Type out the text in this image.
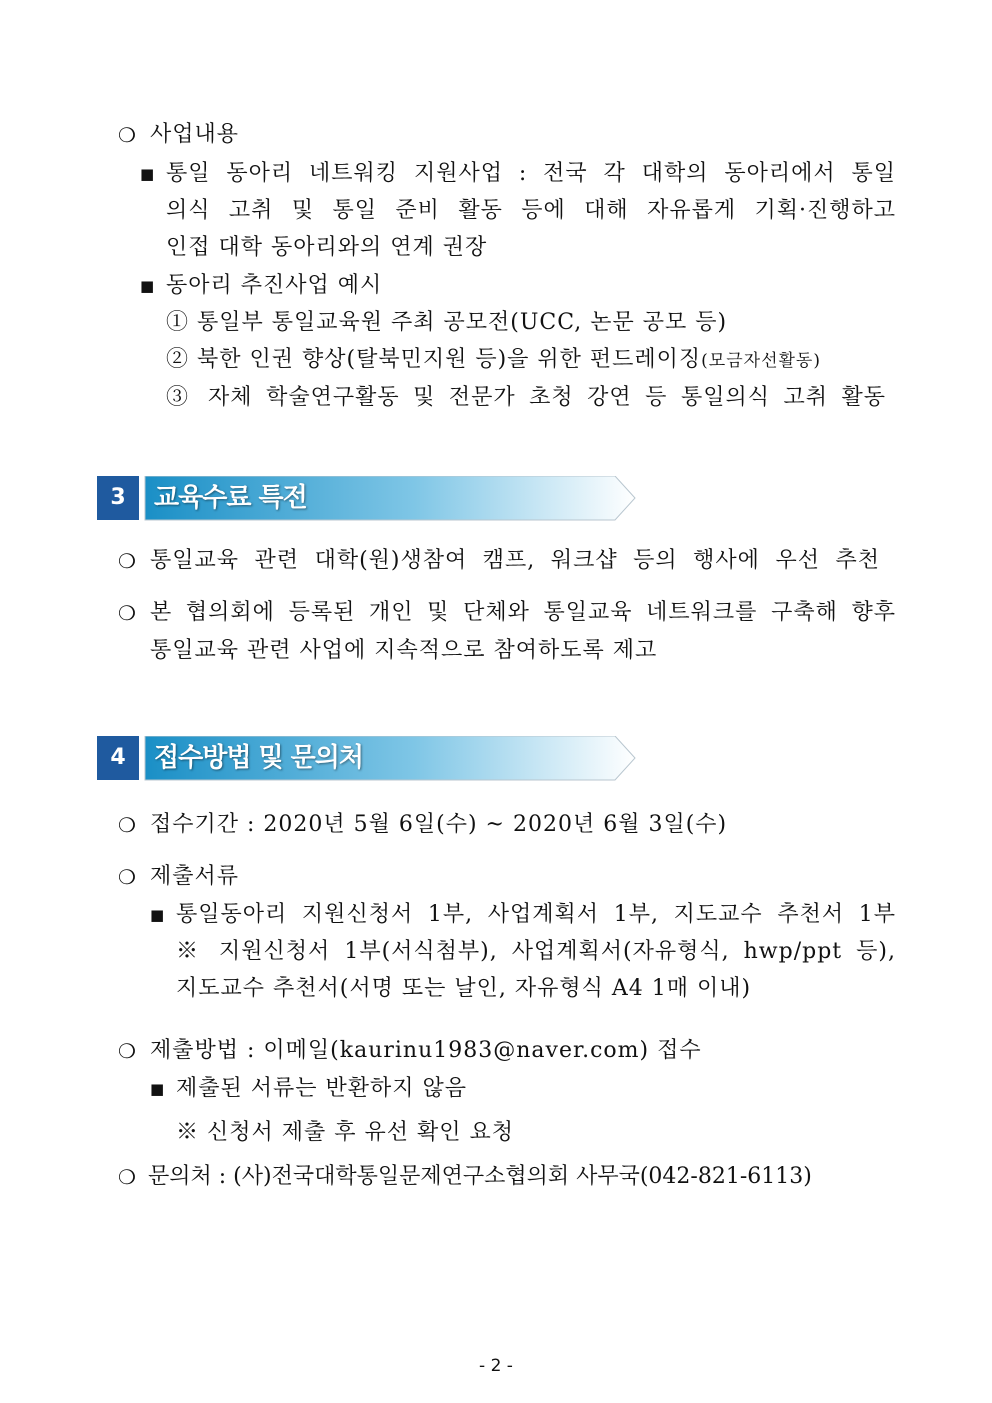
❍ 사업내용
■ 통일 동아리 네트워킹 지원사업 : 전국 각 대학의 동아리에서 통일
의식 고취 및 통일 준비 활동 등에 대해 자유롭게 기획·진행하고
인접 대학 동아리와의 연계 권장
■ 동아리 추진사업 예시
① 통일부 통일교육원 주최 공모전(UCC, 논문 공모 등)
② 북한 인권 향상(탈북민지원 등)을 위한 펀드레이징(모금자선활동)
③ 자체 학술연구활동 및 전문가 초청 강연 등 통일의식 고취 활동
3	교육수료 특전
❍ 통일교육 관련 대학(원)생참여 캠프, 워크샵 등의 행사에 우선 추천
❍ 본 협의회에 등록된 개인 및 단체와 통일교육 네트워크를 구축해 향후
통일교육 관련 사업에 지속적으로 참여하도록 제고
4	접수방법 및 문의처
❍ 접수기간 : 2020년 5월 6일(수) ~ 2020년 6월 3일(수)
❍ 제출서류
■ 통일동아리 지원신청서 1부, 사업계획서 1부, 지도교수 추천서 1부
※ 지원신청서 1부(서식첨부), 사업계획서(자유형식, hwp/ppt 등),
지도교수 추천서(서명 또는 날인, 자유형식 A4 1매 이내)
❍ 제출방법 : 이메일(kaurinu1983@naver.com) 접수
■ 제출된 서류는 반환하지 않음
※ 신청서 제출 후 유선 확인 요청
❍ 문의처 : (사)전국대학통일문제연구소협의회 사무국(042-821-6113)
- 2 -
